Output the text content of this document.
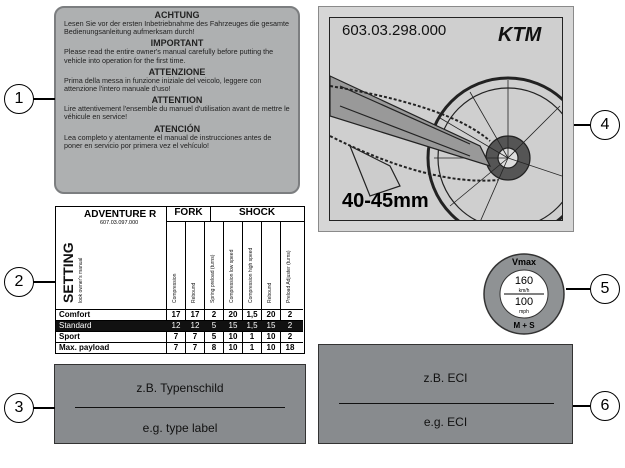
ACHTUNG
Lesen Sie vor der ersten Inbetriebnahme des Fahrzeuges die gesamte Bedienungsanleitung aufmerksam durch!
IMPORTANT
Please read the entire owner's manual carefully before putting the vehicle into operation for the first time.
ATTENZIONE
Prima della messa in funzione iniziale del veicolo, leggere con attenzione l'intero manuale d'uso!
ATTENTION
Lire attentivement l'ensemble du manuel d'utilisation avant de mettre le véhicule en service!
ATENCIÓN
Lea completo y atentamente el manual de instrucciones antes de poner en servicio por primera vez el vehículo!
603.03.298.000	KTM
40-45mm
ADVENTURE R
607.03.097.000
FORK	SHOCK
SETTING look owner's manual	Compression	Rebound	Spring preload (turns)	Compression low speed	Compression high speed	Rebound	Preload Adjuster (turns)
Comfort	17	17	2	20	1,5	20	2
Standard	12	12	5	15	1,5	15	2
Sport	7	7	5	10	1	10	2
Max. payload	7	7	8	10	1	10	18
Vmax
160
km/h
100
mph
M + S
z.B. Typenschild
e.g. type label
z.B. ECI
e.g. ECI
1
2
3
4
5
6
